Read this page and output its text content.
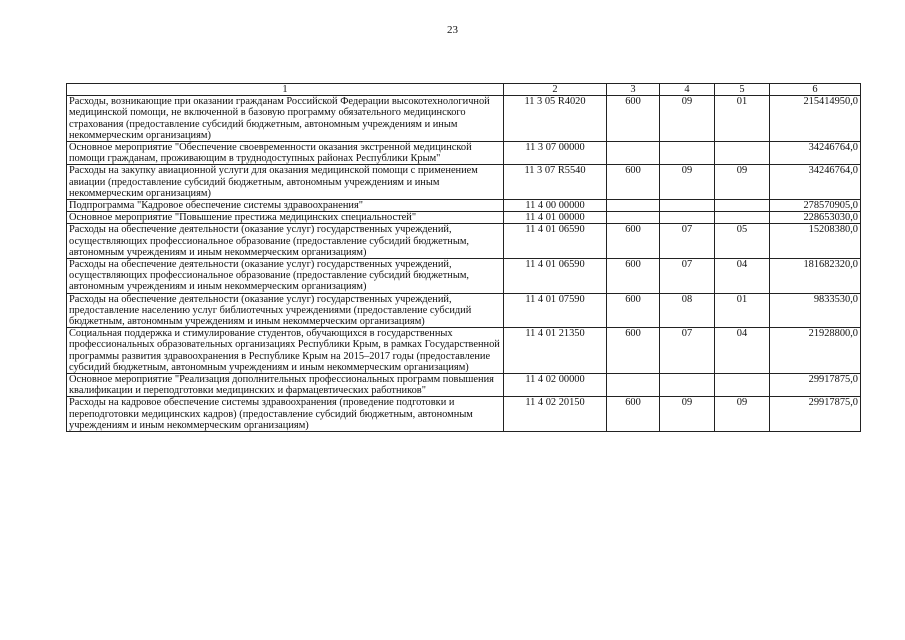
23
1	2	3	4	5	6
Расходы, возникающие при оказании гражданам Российской Федерации высокотехнологичной медицинской помощи, не включенной в базовую программу обязательного медицинского страхования (предоставление субсидий бюджетным, автономным учреждениям и иным некоммерческим организациям)	11 3 05 R4020	600	09	01	215414950,0
Основное мероприятие "Обеспечение своевременности оказания экстренной медицинской помощи гражданам, проживающим в труднодоступных районах Республики Крым"	11 3 07 00000				34246764,0
Расходы на закупку авиационной услуги для оказания медицинской помощи с применением авиации (предоставление субсидий бюджетным, автономным учреждениям и иным некоммерческим организациям)	11 3 07 R5540	600	09	09	34246764,0
Подпрограмма "Кадровое обеспечение системы здравоохранения"	11 4 00 00000				278570905,0
Основное мероприятие "Повышение престижа медицинских специальностей"	11 4 01 00000				228653030,0
Расходы на обеспечение деятельности (оказание услуг) государственных учреждений, осуществляющих профессиональное образование (предоставление субсидий бюджетным, автономным учреждениям и иным некоммерческим организациям)	11 4 01 06590	600	07	05	15208380,0
Расходы на обеспечение деятельности (оказание услуг) государственных учреждений, осуществляющих профессиональное образование (предоставление субсидий бюджетным, автономным учреждениям и иным некоммерческим организациям)	11 4 01 06590	600	07	04	181682320,0
Расходы на обеспечение деятельности (оказание услуг) государственных учреждений, предоставление населению услуг библиотечных учреждениями (предоставление субсидий бюджетным, автономным учреждениям и иным некоммерческим организациям)	11 4 01 07590	600	08	01	9833530,0
Социальная поддержка и стимулирование студентов, обучающихся в государственных профессиональных образовательных организациях Республики Крым, в рамках Государственной программы развития здравоохранения в Республике Крым на 2015–2017 годы (предоставление субсидий бюджетным, автономным учреждениям и иным некоммерческим организациям)	11 4 01 21350	600	07	04	21928800,0
Основное мероприятие "Реализация дополнительных профессиональных программ повышения квалификации и переподготовки медицинских и фармацевтических работников"	11 4 02 00000				29917875,0
Расходы на кадровое обеспечение системы здравоохранения (проведение подготовки и переподготовки медицинских кадров) (предоставление субсидий бюджетным, автономным учреждениям и иным некоммерческим организациям)	11 4 02 20150	600	09	09	29917875,0
